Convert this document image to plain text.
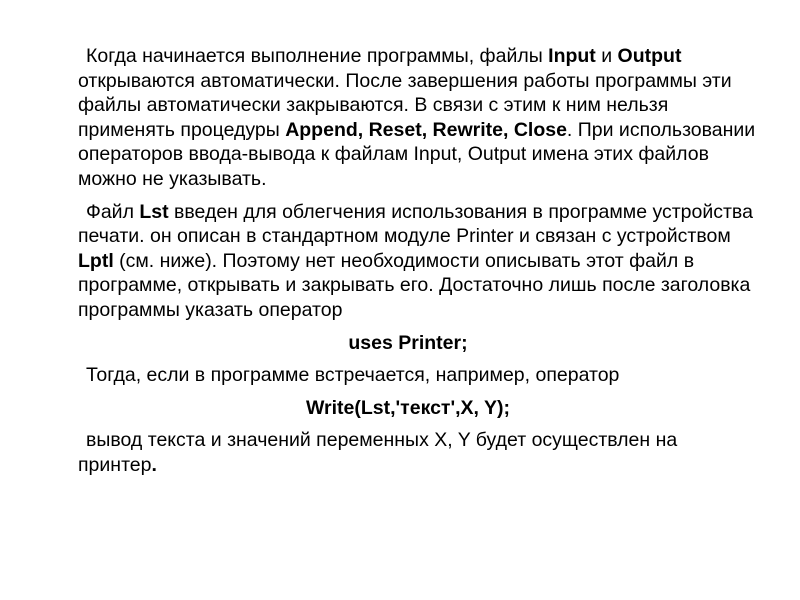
Когда начинается выполнение программы, файлы Input и Output открываются автоматически. После завершения работы программы эти файлы автоматически закрываются. В связи с этим к ним нельзя применять процедуры Append, Reset, Rewrite, Close. При использовании операторов ввода-вывода к файлам Input, Output имена этих файлов можно не указывать.

Файл Lst введен для облегчения использования в программе устройства печати. он описан в стандартном модуле Printer и связан с устройством Lptl (см. ниже). Поэтому нет необходимости описывать этот файл в программе, открывать и закрывать его. Достаточно лишь после заголовка программы указать оператор

uses Printer;

Тогда, если в программе встречается, например, оператор

Write(Lst,'текст',X, Y);

вывод текста и значений переменных X, Y будет осуществлен на принтер.
